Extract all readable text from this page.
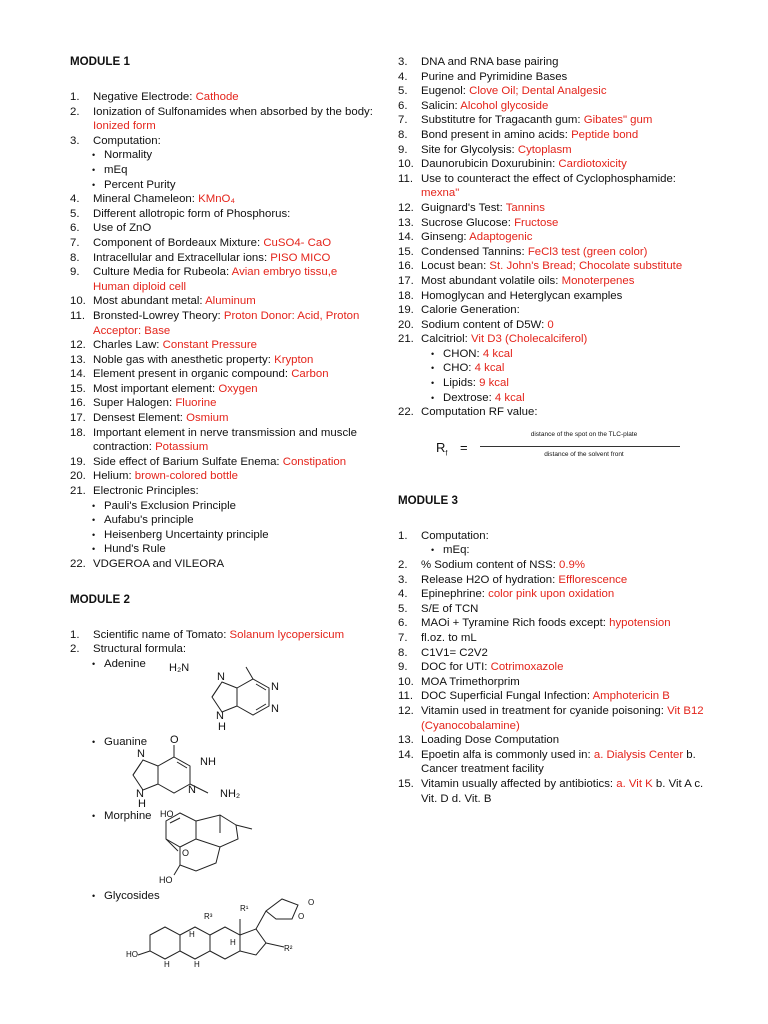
MODULE 1
1. Negative Electrode: Cathode
2. Ionization of Sulfonamides when absorbed by the body: Ionized form
3. Computation:
• Normality
• mEq
• Percent Purity
4. Mineral Chameleon: KMnO₄
5. Different allotropic form of Phosphorus:
6. Use of ZnO
7. Component of Bordeaux Mixture: CuSO4- CaO
8. Intracellular and Extracellular ions: PISO MICO
9. Culture Media for Rubeola: Avian embryo tissu,e Human diploid cell
10. Most abundant metal: Aluminum
11. Bronsted-Lowrey Theory: Proton Donor: Acid, Proton Acceptor: Base
12. Charles Law: Constant Pressure
13. Noble gas with anesthetic property: Krypton
14. Element present in organic compound: Carbon
15. Most important element: Oxygen
16. Super Halogen: Fluorine
17. Densest Element: Osmium
18. Important element in nerve transmission and muscle contraction: Potassium
19. Side effect of Barium Sulfate Enema: Constipation
20. Helium: brown-colored bottle
21. Electronic Principles:
• Pauli's Exclusion Principle
• Aufabu's principle
• Heisenberg Uncertainty principle
• Hund's Rule
22. VDGEROA and VILEORA
MODULE 2
1. Scientific name of Tomato: Solanum lycopersicum
2. Structural formula:
• Adenine H₂N
N
N
N
N
H
• Guanine O
NH
N NH₂
N
N
H
• Morphine HO
O
HO
• Glycosides
O
O
R¹
R³
R²
HO
H
H
H
H
3. DNA and RNA base pairing
4. Purine and Pyrimidine Bases
5. Eugenol: Clove Oil; Dental Analgesic
6. Salicin: Alcohol glycoside
7. Substitutre for Tragacanth gum: Gibates" gum
8. Bond present in amino acids: Peptide bond
9. Site for Glycolysis: Cytoplasm
10. Daunorubicin Doxurubinin: Cardiotoxicity
11. Use to counteract the effect of Cyclophosphamide: mexna"
12. Guignard's Test: Tannins
13. Sucrose Glucose: Fructose
14. Ginseng: Adaptogenic
15. Condensed Tannins: FeCl3 test (green color)
16. Locust bean: St. John's Bread; Chocolate substitute
17. Most abundant volatile oils: Monoterpenes
18. Homoglycan and Heterglycan examples
19. Calorie Generation:
20. Sodium content of D5W: 0
21. Calcitriol: Vit D3 (Cholecalciferol)
• CHON: 4 kcal
• CHO: 4 kcal
• Lipids: 9 kcal
• Dextrose: 4 kcal
22. Computation RF value:
$R_f$ =
distance of the spot on the TLC-plate
distance of the solvent front
MODULE 3
1. Computation:
• mEq:
2. % Sodium content of NSS: 0.9%
3. Release H2O of hydration: Efflorescence
4. Epinephrine: color pink upon oxidation
5. S/E of TCN
6. MAOi + Tyramine Rich foods except: hypotension
7. fl.oz. to mL
8. C1V1= C2V2
9. DOC for UTI: Cotrimoxazole
10. MOA Trimethorprim
11. DOC Superficial Fungal Infection: Amphotericin B
12. Vitamin used in treatment for cyanide poisoning: Vit B12 (Cyanocobalamine)
13. Loading Dose Computation
14. Epoetin alfa is commonly used in: a. Dialysis Center b. Cancer treatment facility
15. Vitamin usually affected by antibiotics: a. Vit K b. Vit A c. Vit. D d. Vit. B
